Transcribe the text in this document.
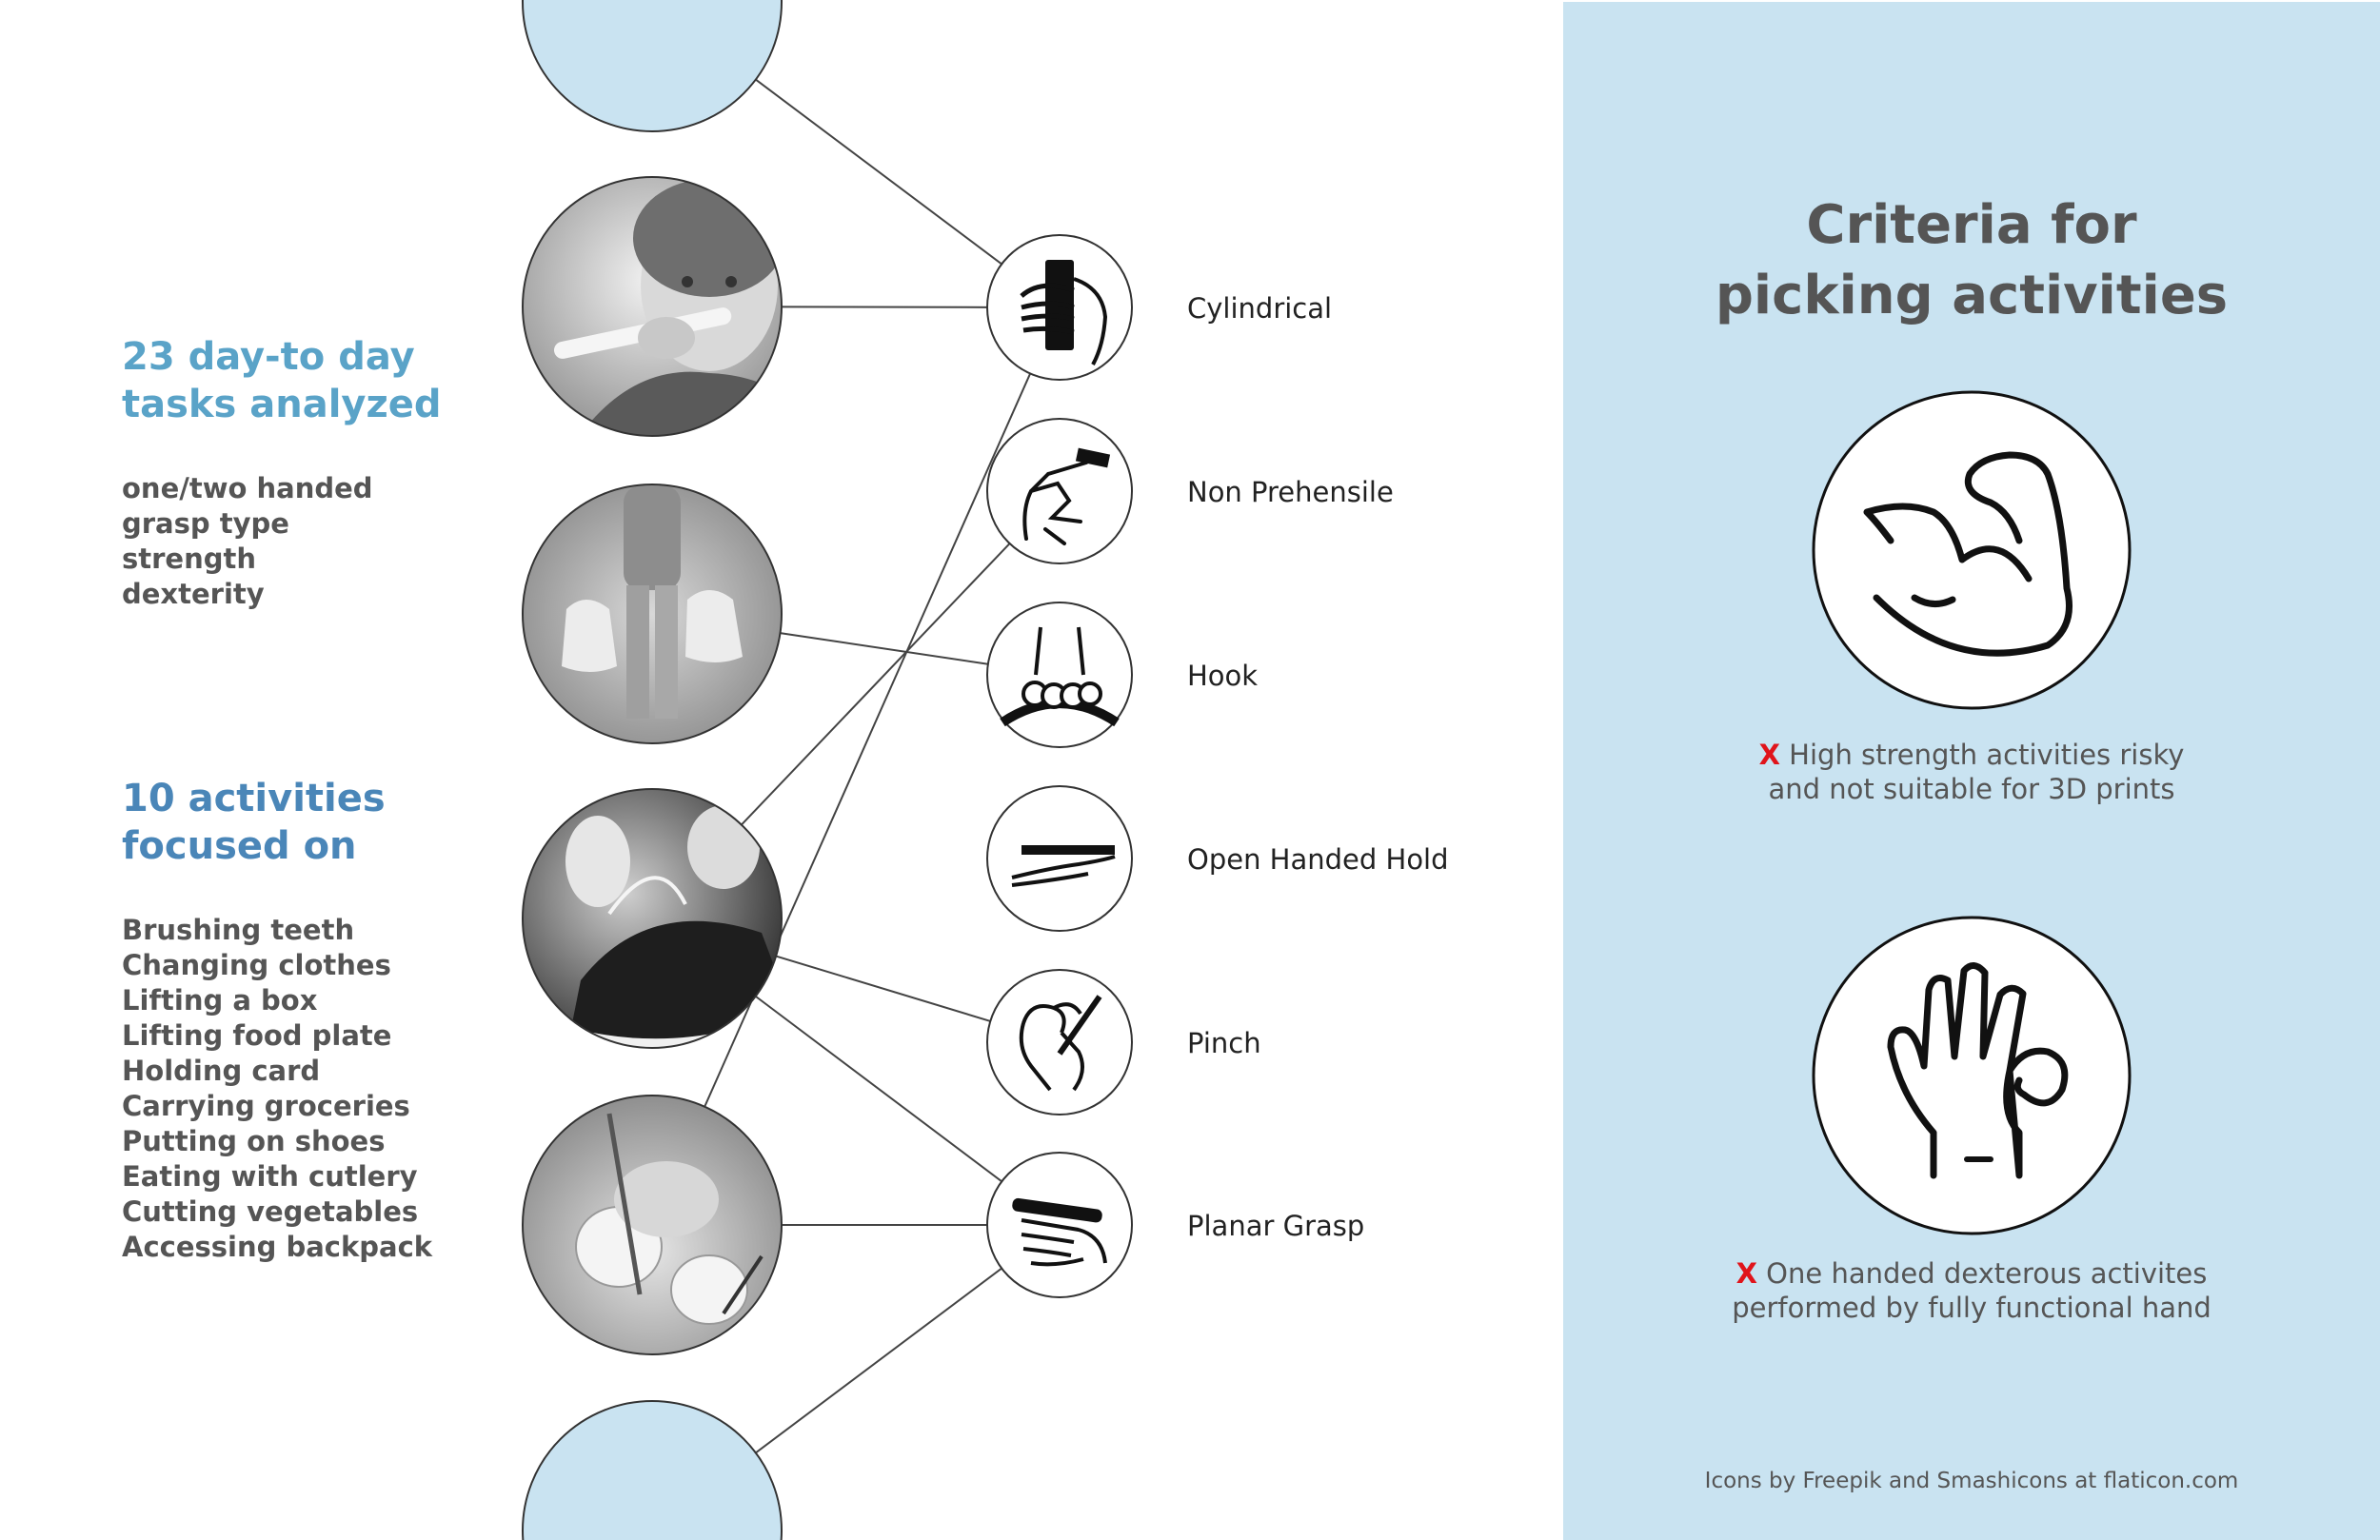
23 day-to day
tasks analyzed
one/two handed
grasp type
strength
dexterity
10 activities
focused on
Brushing teeth
Changing clothes
Lifting a box
Lifting food plate
Holding card
Carrying groceries
Putting on shoes
Eating with cutlery
Cutting vegetables
Accessing backpack
Cylindrical
Non Prehensile
Hook
Open Handed Hold
Pinch
Planar Grasp
Criteria for
picking activities
X High strength activities risky
and not suitable for 3D prints
X One handed dexterous activites
performed by fully functional hand
Icons by Freepik and Smashicons at flaticon.com
